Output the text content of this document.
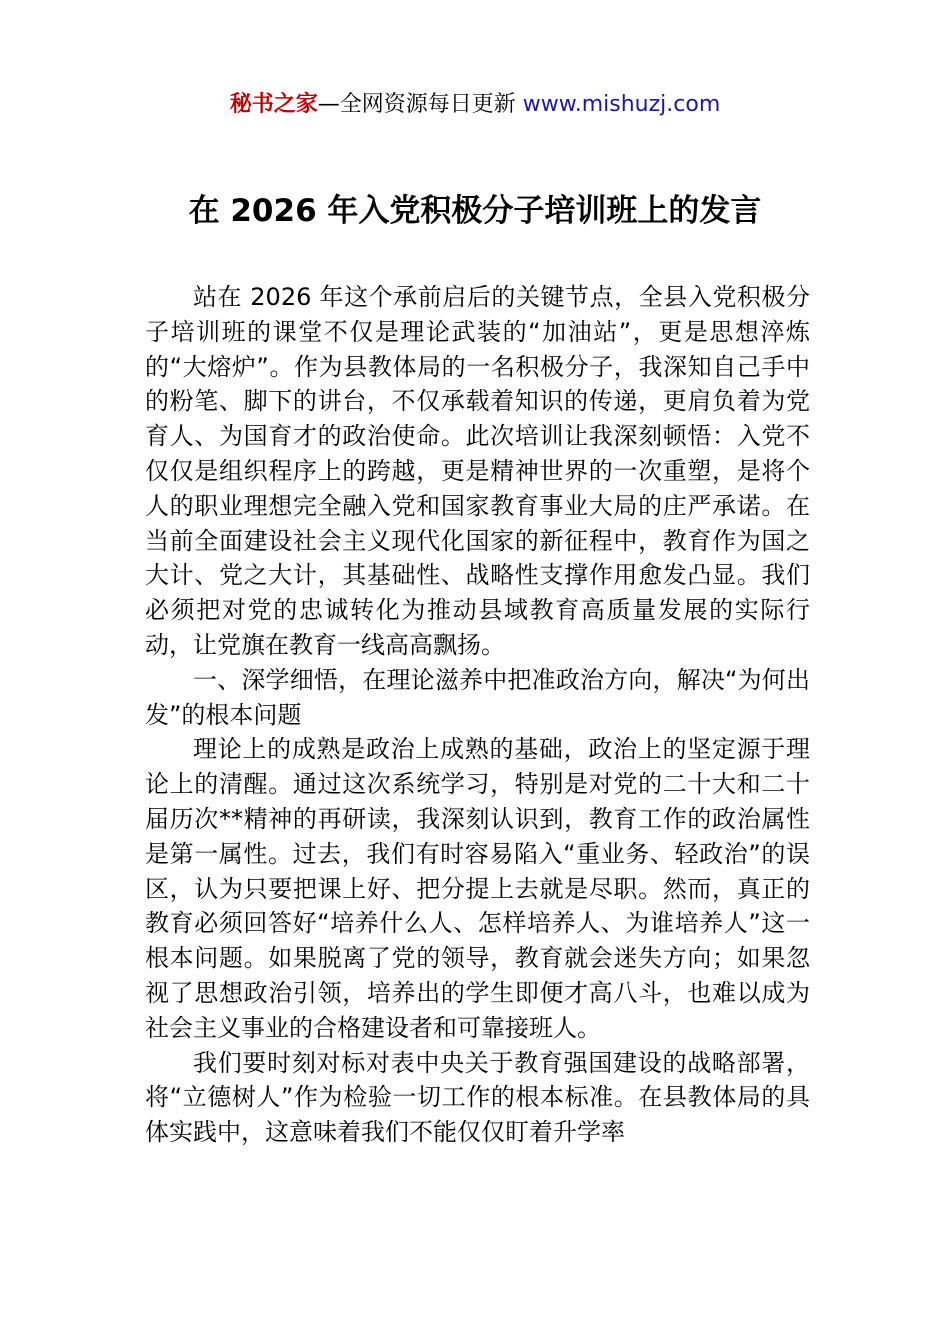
秘书之家—全网资源每日更新 www.mishuzj.com
在 2026 年入党积极分子培训班上的发言

站在 2026 年这个承前启后的关键节点，全县入党积极分子培训班的课堂不仅是理论武装的“加油站”，更是思想淬炼的“大熔炉”。作为县教体局的一名积极分子，我深知自己手中的粉笔、脚下的讲台，不仅承载着知识的传递，更肩负着为党育人、为国育才的政治使命。此次培训让我深刻顿悟：入党不仅仅是组织程序上的跨越，更是精神世界的一次重塑，是将个人的职业理想完全融入党和国家教育事业大局的庄严承诺。在当前全面建设社会主义现代化国家的新征程中，教育作为国之大计、党之大计，其基础性、战略性支撑作用愈发凸显。我们必须把对党的忠诚转化为推动县域教育高质量发展的实际行动，让党旗在教育一线高高飘扬。

一、深学细悟，在理论滋养中把准政治方向，解决“为何出发”的根本问题

理论上的成熟是政治上成熟的基础，政治上的坚定源于理论上的清醒。通过这次系统学习，特别是对党的二十大和二十届历次**精神的再研读，我深刻认识到，教育工作的政治属性是第一属性。过去，我们有时容易陷入“重业务、轻政治”的误区，认为只要把课上好、把分提上去就是尽职。然而，真正的教育必须回答好“培养什么人、怎样培养人、为谁培养人”这一根本问题。如果脱离了党的领导，教育就会迷失方向；如果忽视了思想政治引领，培养出的学生即便才高八斗，也难以成为社会主义事业的合格建设者和可靠接班人。

我们要时刻对标对表中央关于教育强国建设的战略部署，将“立德树人”作为检验一切工作的根本标准。在县教体局的具体实践中，这意味着我们不能仅仅盯着升学率
